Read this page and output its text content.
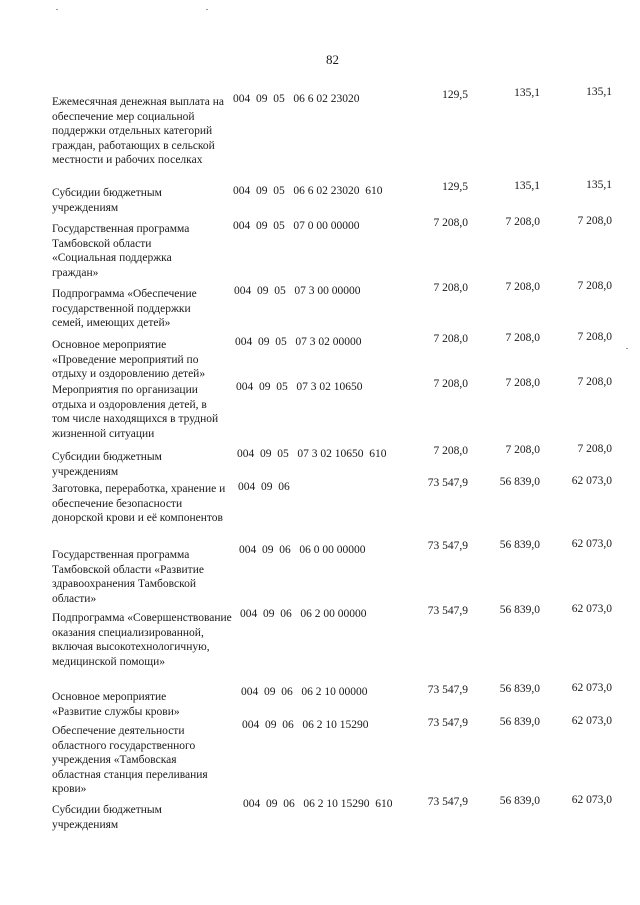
82
Ежемесячная денежная выплата на обеспечение мер социальной поддержки отдельных категорий граждан, работающих в сельской местности и рабочих поселках
004  09  05   06 6 02 23020	129,5	135,1	135,1
Субсидии бюджетным учреждениям
004  09  05   06 6 02 23020  610	129,5	135,1	135,1
Государственная программа Тамбовской области «Социальная поддержка граждан»
004  09  05   07 0 00 00000	7 208,0	7 208,0	7 208,0
Подпрограмма «Обеспечение государственной поддержки семей, имеющих детей»
004  09  05   07 3 00 00000	7 208,0	7 208,0	7 208,0
Основное мероприятие «Проведение мероприятий по отдыху и оздоровлению детей»
004  09  05   07 3 02 00000	7 208,0	7 208,0	7 208,0
Мероприятия по организации отдыха и оздоровления детей, в том числе находящихся в трудной жизненной ситуации
004  09  05   07 3 02 10650	7 208,0	7 208,0	7 208,0
Субсидии бюджетным учреждениям
004  09  05   07 3 02 10650  610	7 208,0	7 208,0	7 208,0
Заготовка, переработка, хранение и обеспечение безопасности донорской крови и её компонентов
004  09  06	73 547,9	56 839,0	62 073,0
Государственная программа Тамбовской области «Развитие здравоохранения Тамбовской области»
004  09  06   06 0 00 00000	73 547,9	56 839,0	62 073,0
Подпрограмма «Совершенствование оказания специализированной, включая высокотехнологичную, медицинской помощи»
004  09  06   06 2 00 00000	73 547,9	56 839,0	62 073,0
Основное мероприятие «Развитие службы крови»
004  09  06   06 2 10 00000	73 547,9	56 839,0	62 073,0
Обеспечение деятельности областного государственного учреждения «Тамбовская областная станция переливания крови»
004  09  06   06 2 10 15290	73 547,9	56 839,0	62 073,0
Субсидии бюджетным учреждениям
004  09  06   06 2 10 15290  610	73 547,9	56 839,0	62 073,0
